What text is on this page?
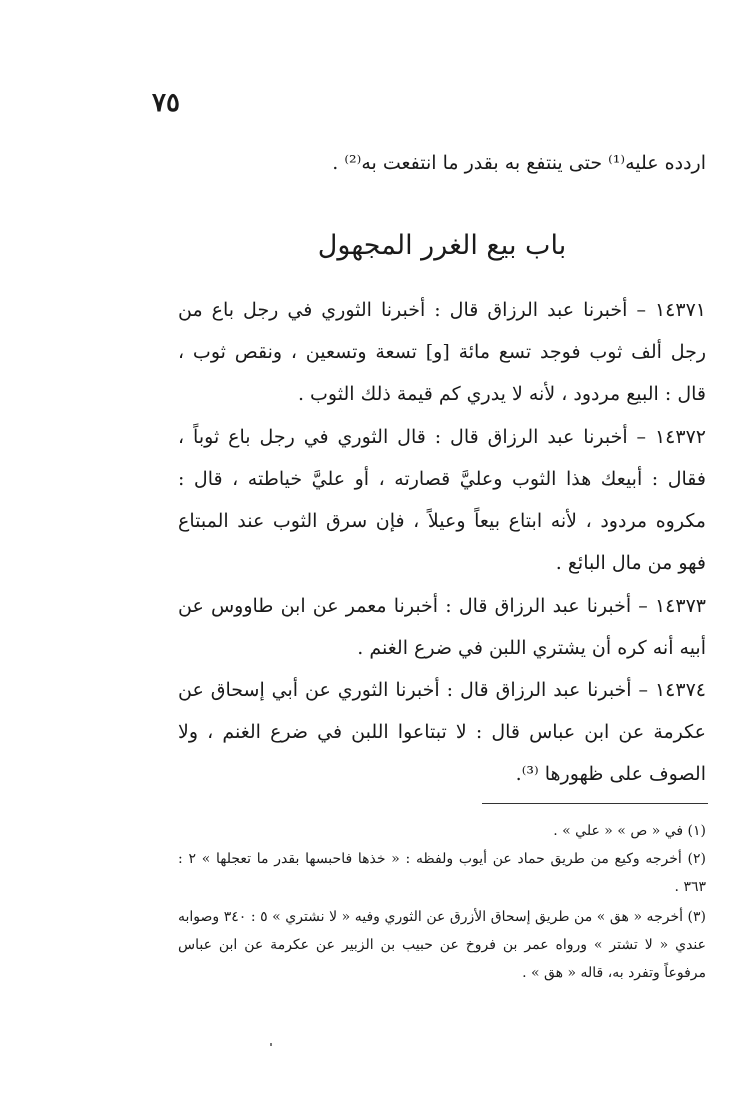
٧٥
اردده عليه⁽¹⁾ حتى ينتفع به بقدر ما انتفعت به⁽²⁾ .
باب بيع الغرر المجهول
١٤٣٧١ – أخبرنا عبد الرزاق قال : أخبرنا الثوري في رجل باع من رجل ألف ثوب فوجد تسع مائة [و] تسعة وتسعين ، ونقص ثوب ، قال : البيع مردود ، لأنه لا يدري كم قيمة ذلك الثوب .
١٤٣٧٢ – أخبرنا عبد الرزاق قال : قال الثوري في رجل باع ثوباً ، فقال : أبيعك هذا الثوب وعليَّ قصارته ، أو عليَّ خياطته ، قال : مكروه مردود ، لأنه ابتاع بيعاً وعيلاً ، فإن سرق الثوب عند المبتاع فهو من مال البائع .
١٤٣٧٣ – أخبرنا عبد الرزاق قال : أخبرنا معمر عن ابن طاووس عن أبيه أنه كره أن يشتري اللبن في ضرع الغنم .
١٤٣٧٤ – أخبرنا عبد الرزاق قال : أخبرنا الثوري عن أبي إسحاق عن عكرمة عن ابن عباس قال : لا تبتاعوا اللبن في ضرع الغنم ، ولا الصوف على ظهورها ⁽³⁾.
(١) في « ص » « علي » .
(٢) أخرجه وكيع من طريق حماد عن أيوب ولفظه : « خذها فاحبسها بقدر ما تعجلها » ٢ : ٣٦٣ .
(٣) أخرجه « هق » من طريق إسحاق الأزرق عن الثوري وفيه « لا نشتري » ٥ : ٣٤٠ وصوابه عندي « لا تشتر » ورواه عمر بن فروخ عن حبيب بن الزبير عن عكرمة عن ابن عباس مرفوعاً وتفرد به، قاله « هق » .
